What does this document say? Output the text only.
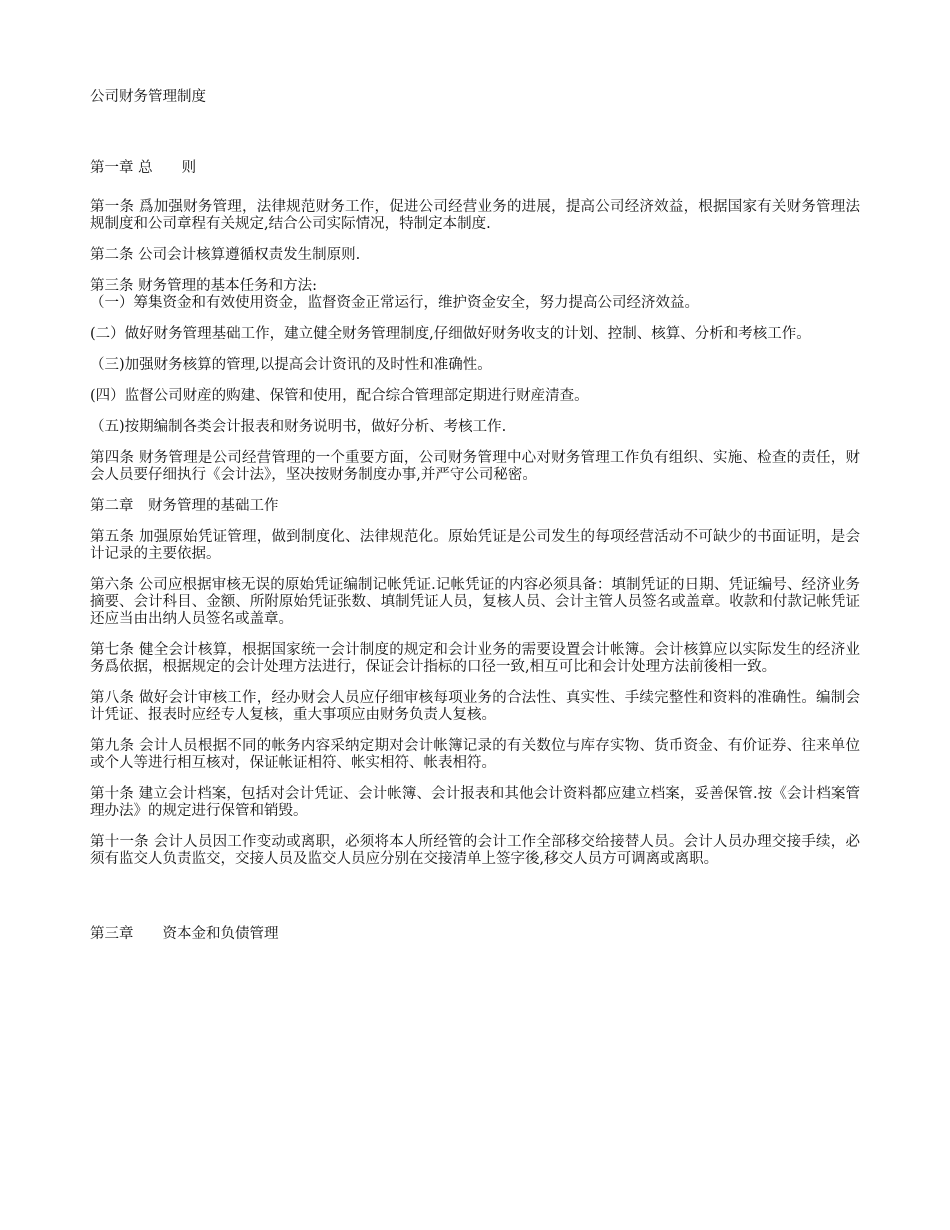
公司财务管理制度

第一章 总　　则

第一条 爲加强财务管理，法律规范财务工作，促进公司经营业务的进展，提高公司经济效益，根据国家有关财务管理法规制度和公司章程有关规定,结合公司实际情况，特制定本制度.

第二条 公司会计核算遵循权责发生制原则.

第三条 财务管理的基本任务和方法:

（一）筹集资金和有效使用资金，监督资金正常运行，维护资金安全，努力提高公司经济效益。

(二）做好财务管理基础工作，建立健全财务管理制度,仔细做好财务收支的计划、控制、核算、分析和考核工作。

（三)加强财务核算的管理,以提高会计资讯的及时性和准确性。

(四）监督公司财産的购建、保管和使用，配合综合管理部定期进行财産清查。

（五)按期编制各类会计报表和财务说明书，做好分析、考核工作.

第四条 财务管理是公司经营管理的一个重要方面，公司财务管理中心对财务管理工作负有组织、实施、检查的责任，财会人员要仔细执行《会计法》，坚决按财务制度办事,并严守公司秘密。

第二章　财务管理的基础工作

第五条 加强原始凭证管理，做到制度化、法律规范化。原始凭证是公司发生的每项经营活动不可缺少的书面证明，是会计记录的主要依据。

第六条 公司应根据审核无误的原始凭证编制记帐凭证.记帐凭证的内容必须具备：填制凭证的日期、凭证编号、经济业务摘要、会计科目、金额、所附原始凭证张数、填制凭证人员，复核人员、会计主管人员签名或盖章。收款和付款记帐凭证还应当由出纳人员签名或盖章。

第七条 健全会计核算，根据国家统一会计制度的规定和会计业务的需要设置会计帐簿。会计核算应以实际发生的经济业务爲依据，根据规定的会计处理方法进行，保证会计指标的口径一致,相互可比和会计处理方法前後相一致。

第八条 做好会计审核工作，经办财会人员应仔细审核每项业务的合法性、真实性、手续完整性和资料的准确性。编制会计凭证、报表时应经专人复核，重大事项应由财务负责人复核。

第九条 会计人员根据不同的帐务内容采纳定期对会计帐簿记录的有关数位与库存实物、货币资金、有价证券、往来单位或个人等进行相互核对，保证帐证相符、帐实相符、帐表相符。

第十条 建立会计档案，包括对会计凭证、会计帐簿、会计报表和其他会计资料都应建立档案，妥善保管.按《会计档案管理办法》的规定进行保管和销毁。

第十一条 会计人员因工作变动或离职，必须将本人所经管的会计工作全部移交给接替人员。会计人员办理交接手续，必须有监交人负责监交，交接人员及监交人员应分别在交接清单上签字後,移交人员方可调离或离职。

第三章　　资本金和负债管理
